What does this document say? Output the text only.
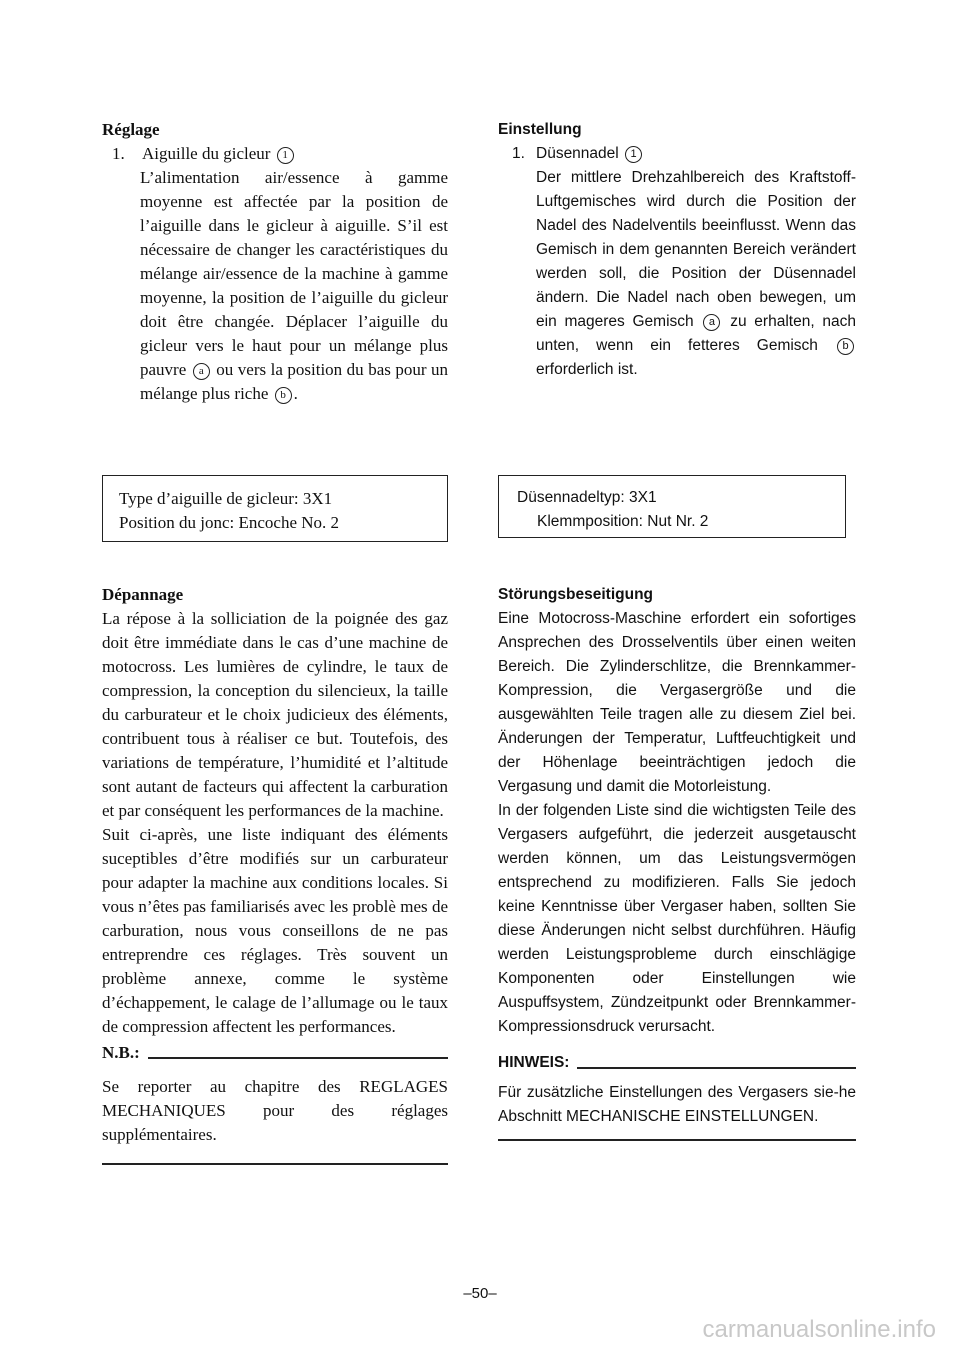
Réglage

1.	Aiguille du gicleur 1

L’alimentation air/essence à gamme moyenne est affectée par la position de l’aiguille dans le gicleur à aiguille. S’il est nécessaire de changer les caractéristiques du mélange air/essence de la machine à gamme moyenne, la position de l’aiguille du gicleur doit être changée. Déplacer l’aiguille du gicleur vers le haut pour un mélange plus pauvre a ou vers la position du bas pour un mélange plus riche b .

Type d’aiguille de gicleur: 3X1

Position du jonc: Encoche No. 2

Dépannage

La répose à la solliciation de la poignée des gaz doit être immédiate dans le cas d’une machine de motocross. Les lumières de cylindre, le taux de compression, la conception du silencieux, la taille du carburateur et le choix judicieux des éléments, contribuent tous à réaliser ce but. Toutefois, des variations de température, l’humidité et l’altitude sont autant de facteurs qui affectent la carburation et par conséquent les performances de la machine.

Suit ci-après, une liste indiquant des éléments suceptibles d’être modifiés sur un carburateur pour adapter la machine aux conditions locales. Si vous n’êtes pas familiarisés avec les problè mes de carburation, nous vous conseillons de ne pas entreprendre ces réglages. Très souvent un problème annexe, comme le système d’échappement, le calage de l’allumage ou le taux de compression affectent les performances.

N.B.:

Se reporter au chapitre des REGLAGES MECHANIQUES pour des réglages supplémentaires.

Einstellung

1. Düsennadel 1

Der mittlere Drehzahlbereich des Kraftstoff-Luftgemisches wird durch die Position der Nadel des Nadelventils beeinflusst. Wenn das Gemisch in dem genannten Bereich verändert werden soll, die Position der Düsennadel ändern. Die Nadel nach oben bewegen, um ein mageres Gemisch a zu erhalten, nach unten, wenn ein fetteres Gemisch b erforderlich ist.

Düsennadeltyp: 3X1

Klemmposition: Nut Nr. 2

Störungsbeseitigung

Eine Motocross-Maschine erfordert ein sofortiges Ansprechen des Drosselventils über einen weiten Bereich. Die Zylinderschlitze, die Brennkammer-Kompression, die Vergasergröße und die ausgewählten Teile tragen alle zu diesem Ziel bei. Änderungen der Temperatur, Luftfeuchtigkeit und der Höhenlage beeinträchtigen jedoch die Vergasung und damit die Motorleistung.

In der folgenden Liste sind die wichtigsten Teile des Vergasers aufgeführt, die jederzeit ausgetauscht werden können, um das Leistungsvermögen entsprechend zu modifizieren. Falls Sie jedoch keine Kenntnisse über Vergaser haben, sollten Sie diese Änderungen nicht selbst durchführen. Häufig werden Leistungsprobleme durch einschlägige Komponenten oder Einstellungen wie Auspuffsystem, Zündzeitpunkt oder Brennkammer-Kompressionsdruck verursacht.

HINWEIS:

Für zusätzliche Einstellungen des Vergasers sie-he Abschnitt MECHANISCHE EINSTELLUNGEN.

–50–
carmanualsonline.info
